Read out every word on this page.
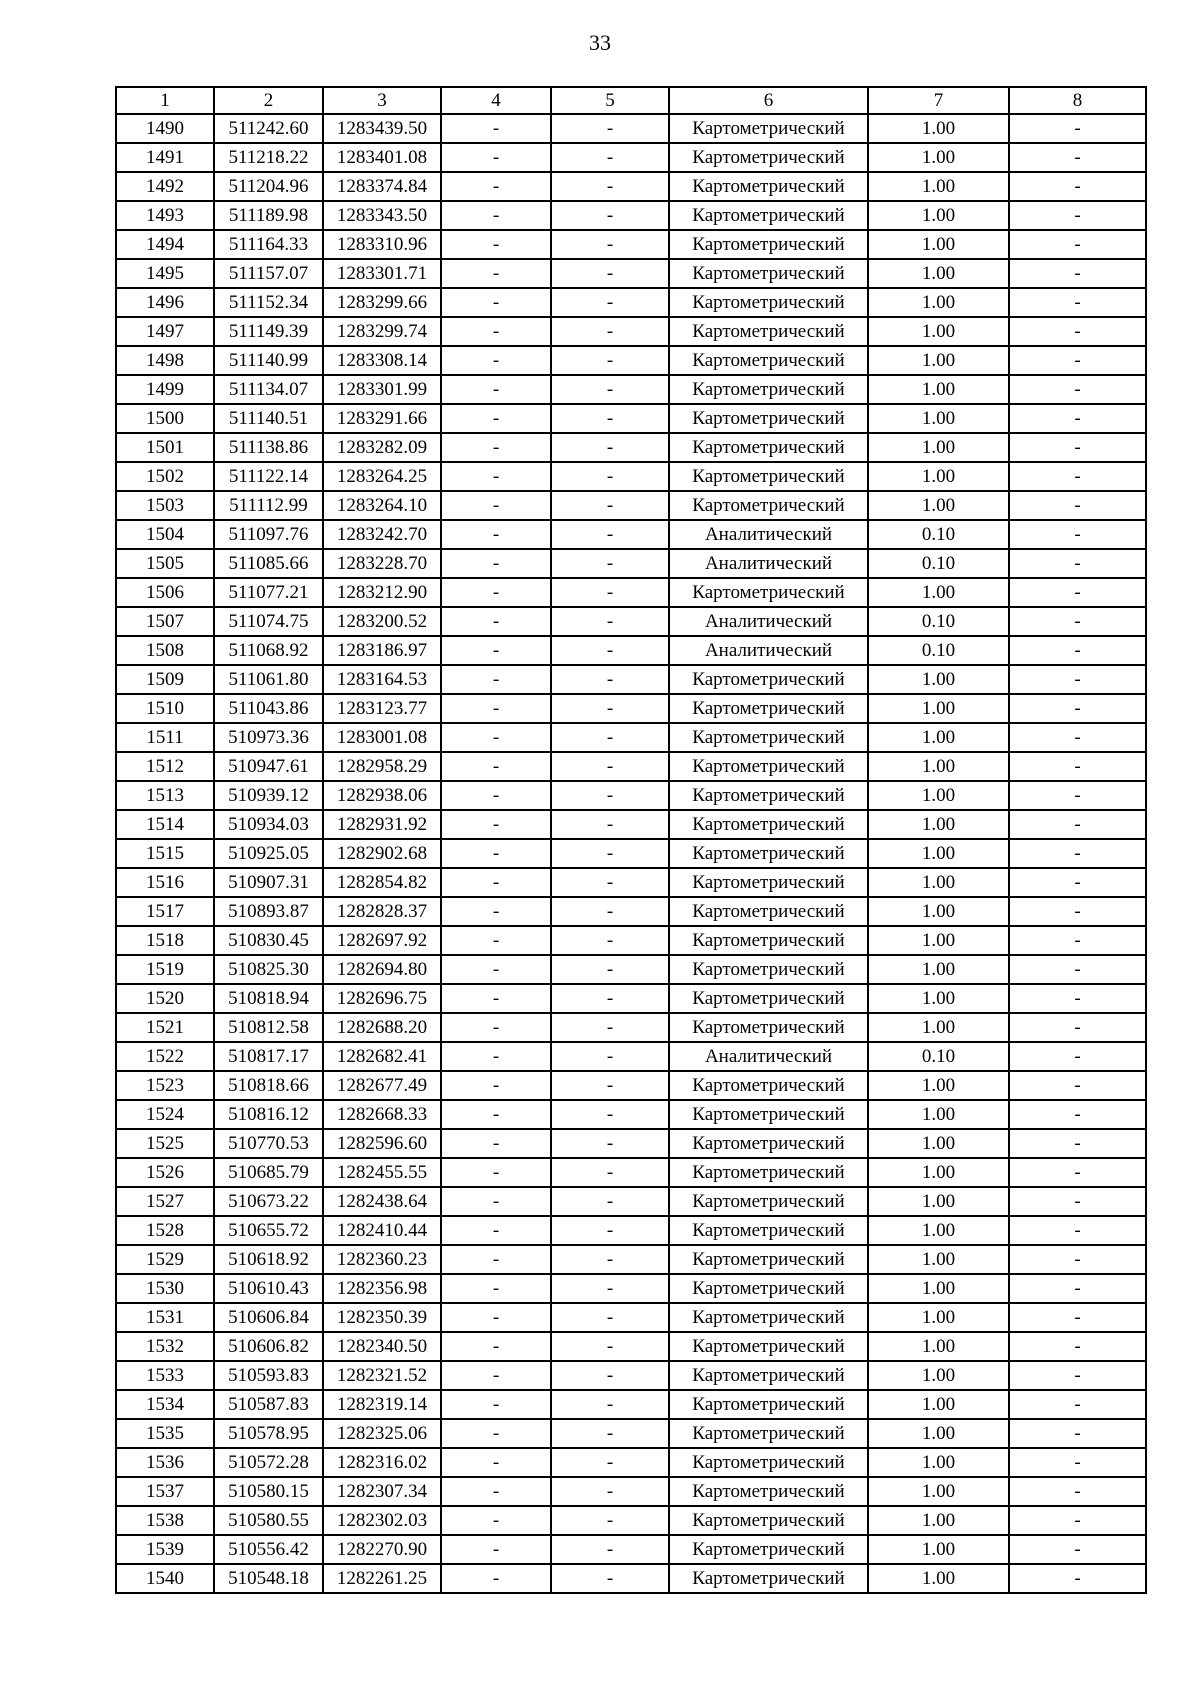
33
1	2	3	4	5	6	7	8
1490	511242.60	1283439.50	-	-	Картометрический	1.00	-
1491	511218.22	1283401.08	-	-	Картометрический	1.00	-
1492	511204.96	1283374.84	-	-	Картометрический	1.00	-
1493	511189.98	1283343.50	-	-	Картометрический	1.00	-
1494	511164.33	1283310.96	-	-	Картометрический	1.00	-
1495	511157.07	1283301.71	-	-	Картометрический	1.00	-
1496	511152.34	1283299.66	-	-	Картометрический	1.00	-
1497	511149.39	1283299.74	-	-	Картометрический	1.00	-
1498	511140.99	1283308.14	-	-	Картометрический	1.00	-
1499	511134.07	1283301.99	-	-	Картометрический	1.00	-
1500	511140.51	1283291.66	-	-	Картометрический	1.00	-
1501	511138.86	1283282.09	-	-	Картометрический	1.00	-
1502	511122.14	1283264.25	-	-	Картометрический	1.00	-
1503	511112.99	1283264.10	-	-	Картометрический	1.00	-
1504	511097.76	1283242.70	-	-	Аналитический	0.10	-
1505	511085.66	1283228.70	-	-	Аналитический	0.10	-
1506	511077.21	1283212.90	-	-	Картометрический	1.00	-
1507	511074.75	1283200.52	-	-	Аналитический	0.10	-
1508	511068.92	1283186.97	-	-	Аналитический	0.10	-
1509	511061.80	1283164.53	-	-	Картометрический	1.00	-
1510	511043.86	1283123.77	-	-	Картометрический	1.00	-
1511	510973.36	1283001.08	-	-	Картометрический	1.00	-
1512	510947.61	1282958.29	-	-	Картометрический	1.00	-
1513	510939.12	1282938.06	-	-	Картометрический	1.00	-
1514	510934.03	1282931.92	-	-	Картометрический	1.00	-
1515	510925.05	1282902.68	-	-	Картометрический	1.00	-
1516	510907.31	1282854.82	-	-	Картометрический	1.00	-
1517	510893.87	1282828.37	-	-	Картометрический	1.00	-
1518	510830.45	1282697.92	-	-	Картометрический	1.00	-
1519	510825.30	1282694.80	-	-	Картометрический	1.00	-
1520	510818.94	1282696.75	-	-	Картометрический	1.00	-
1521	510812.58	1282688.20	-	-	Картометрический	1.00	-
1522	510817.17	1282682.41	-	-	Аналитический	0.10	-
1523	510818.66	1282677.49	-	-	Картометрический	1.00	-
1524	510816.12	1282668.33	-	-	Картометрический	1.00	-
1525	510770.53	1282596.60	-	-	Картометрический	1.00	-
1526	510685.79	1282455.55	-	-	Картометрический	1.00	-
1527	510673.22	1282438.64	-	-	Картометрический	1.00	-
1528	510655.72	1282410.44	-	-	Картометрический	1.00	-
1529	510618.92	1282360.23	-	-	Картометрический	1.00	-
1530	510610.43	1282356.98	-	-	Картометрический	1.00	-
1531	510606.84	1282350.39	-	-	Картометрический	1.00	-
1532	510606.82	1282340.50	-	-	Картометрический	1.00	-
1533	510593.83	1282321.52	-	-	Картометрический	1.00	-
1534	510587.83	1282319.14	-	-	Картометрический	1.00	-
1535	510578.95	1282325.06	-	-	Картометрический	1.00	-
1536	510572.28	1282316.02	-	-	Картометрический	1.00	-
1537	510580.15	1282307.34	-	-	Картометрический	1.00	-
1538	510580.55	1282302.03	-	-	Картометрический	1.00	-
1539	510556.42	1282270.90	-	-	Картометрический	1.00	-
1540	510548.18	1282261.25	-	-	Картометрический	1.00	-
